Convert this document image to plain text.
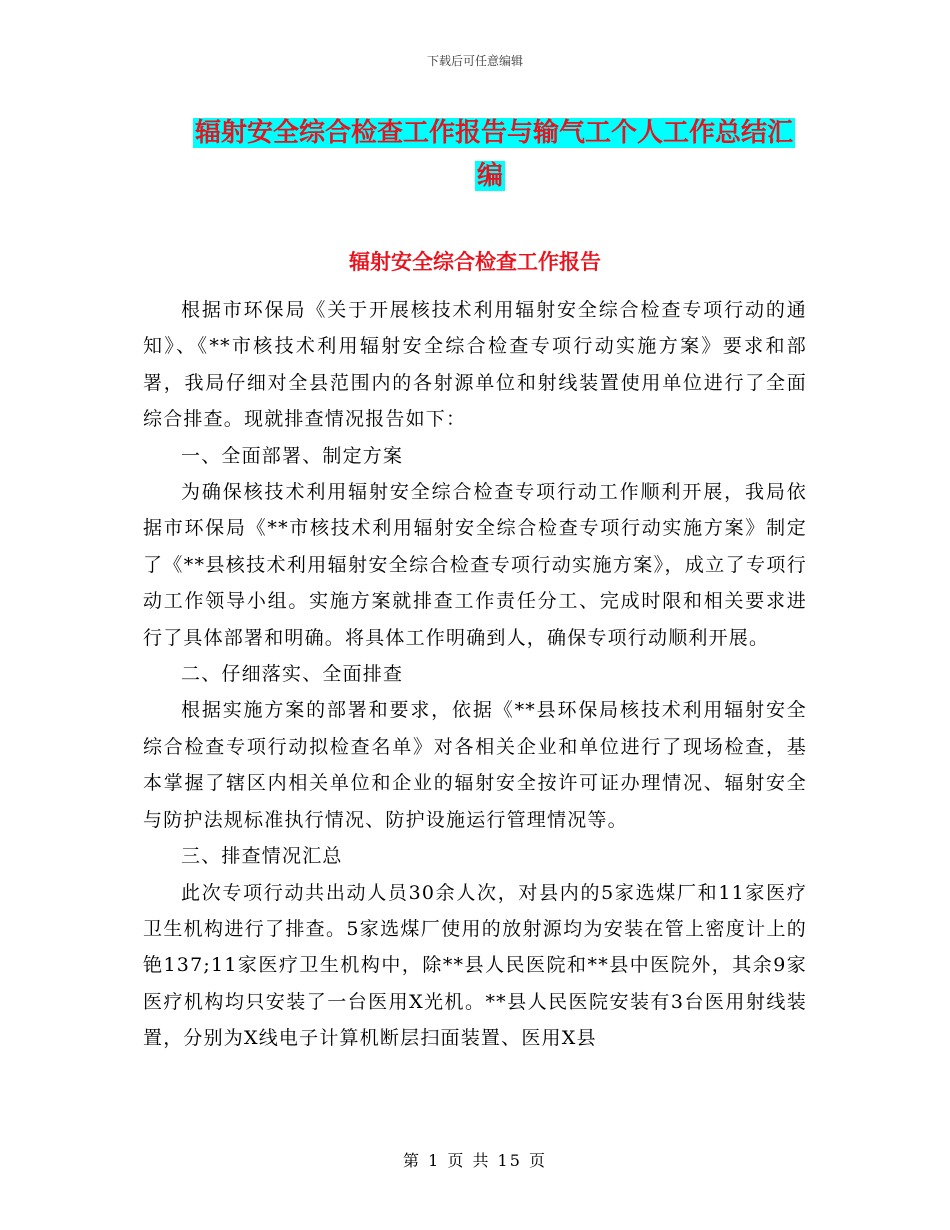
下载后可任意编辑
辐射安全综合检查工作报告与输气工个人工作总结汇
编
辐射安全综合检查工作报告

根据市环保局《关于开展核技术利用辐射安全综合检查专项行动的通知》、《**市核技术利用辐射安全综合检查专项行动实施方案》要求和部署，我局仔细对全县范围内的各射源单位和射线装置使用单位进行了全面综合排查。现就排查情况报告如下：

一、全面部署、制定方案

为确保核技术利用辐射安全综合检查专项行动工作顺利开展，我局依据市环保局《**市核技术利用辐射安全综合检查专项行动实施方案》制定了《**县核技术利用辐射安全综合检查专项行动实施方案》，成立了专项行动工作领导小组。实施方案就排查工作责任分工、完成时限和相关要求进行了具体部署和明确。将具体工作明确到人，确保专项行动顺利开展。

二、仔细落实、全面排查

根据实施方案的部署和要求，依据《**县环保局核技术利用辐射安全综合检查专项行动拟检查名单》对各相关企业和单位进行了现场检查，基本掌握了辖区内相关单位和企业的辐射安全按许可证办理情况、辐射安全与防护法规标准执行情况、防护设施运行管理情况等。

三、排查情况汇总

此次专项行动共出动人员30余人次，对县内的5家选煤厂和11家医疗卫生机构进行了排查。5家选煤厂使用的放射源均为安装在管上密度计上的铯137;11家医疗卫生机构中，除**县人民医院和**县中医院外，其余9家医疗机构均只安装了一台医用X光机。**县人民医院安装有3台医用射线装置，分别为X线电子计算机断层扫面装置、医用X县

第 1 页 共 15 页
